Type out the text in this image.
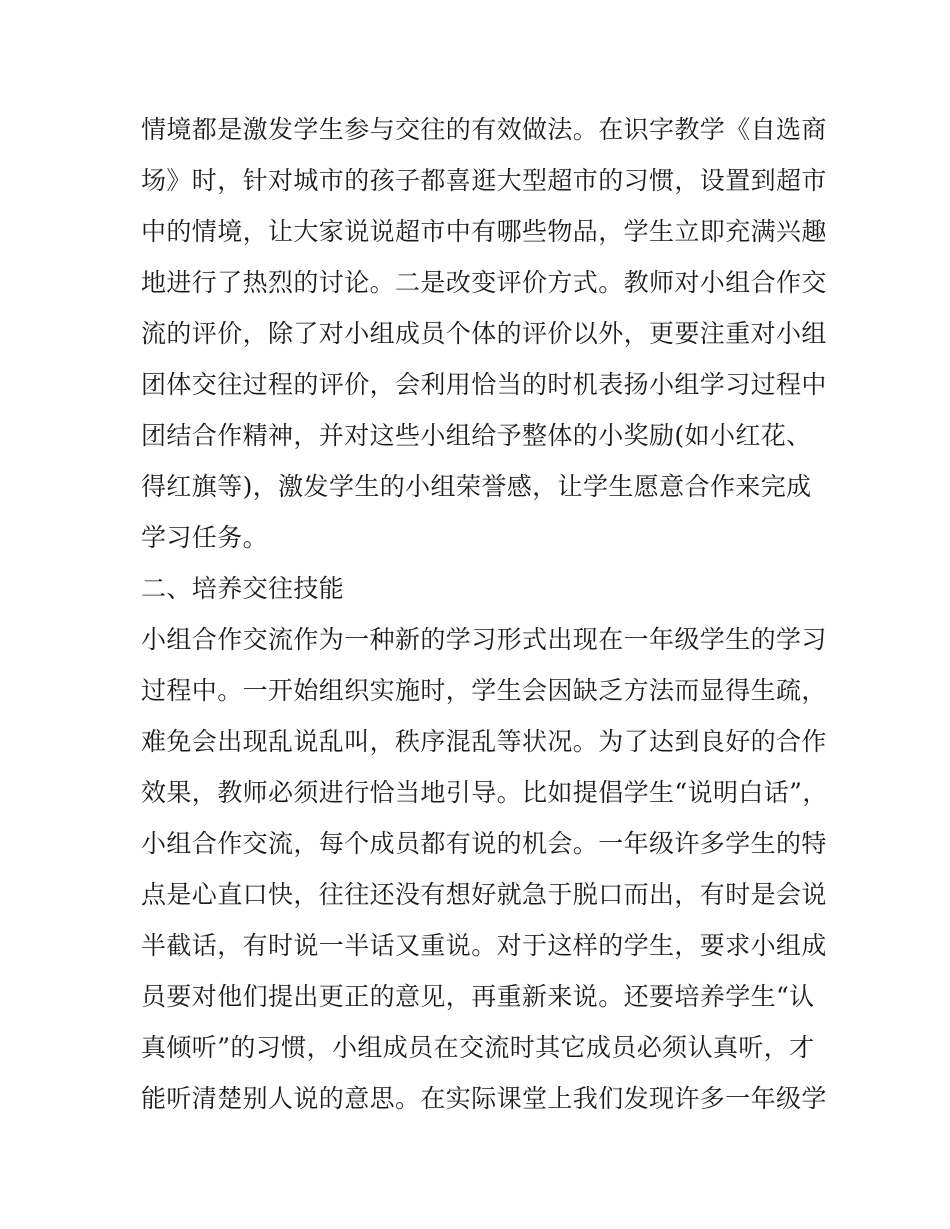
情境都是激发学生参与交往的有效做法。在识字教学《自选商
场》时，针对城市的孩子都喜逛大型超市的习惯，设置到超市
中的情境，让大家说说超市中有哪些物品，学生立即充满兴趣
地进行了热烈的讨论。二是改变评价方式。教师对小组合作交
流的评价，除了对小组成员个体的评价以外，更要注重对小组
团体交往过程的评价，会利用恰当的时机表扬小组学习过程中
团结合作精神，并对这些小组给予整体的小奖励(如小红花、
得红旗等)，激发学生的小组荣誉感，让学生愿意合作来完成
学习任务。
二、培养交往技能
小组合作交流作为一种新的学习形式出现在一年级学生的学习
过程中。一开始组织实施时，学生会因缺乏方法而显得生疏，
难免会出现乱说乱叫，秩序混乱等状况。为了达到良好的合作
效果，教师必须进行恰当地引导。比如提倡学生“说明白话”，
小组合作交流，每个成员都有说的机会。一年级许多学生的特
点是心直口快，往往还没有想好就急于脱口而出，有时是会说
半截话，有时说一半话又重说。对于这样的学生，要求小组成
员要对他们提出更正的意见，再重新来说。还要培养学生“认
真倾听”的习惯，小组成员在交流时其它成员必须认真听，才
能听清楚别人说的意思。在实际课堂上我们发现许多一年级学
